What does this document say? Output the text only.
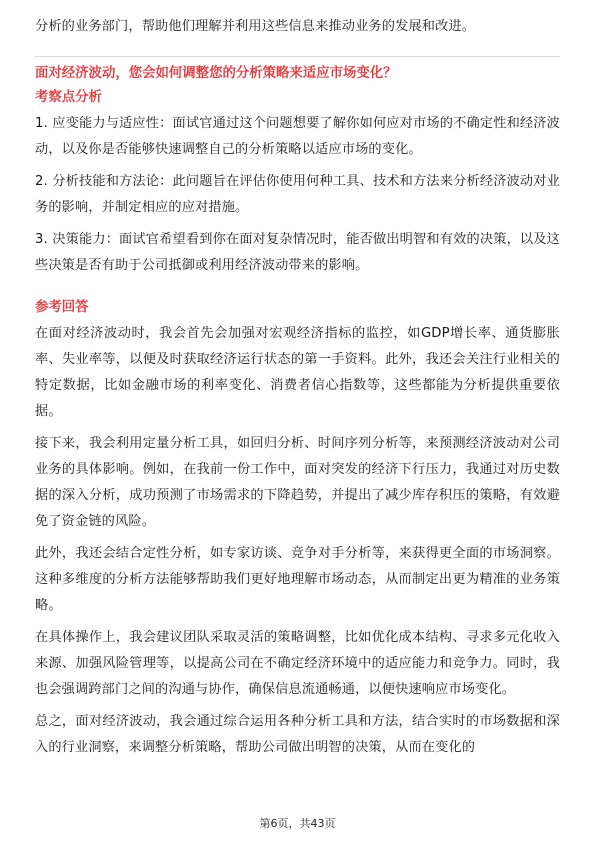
分析的业务部门，帮助他们理解并利用这些信息来推动业务的发展和改进。

面对经济波动，您会如何调整您的分析策略来适应市场变化？
考察点分析

1. 应变能力与适应性：面试官通过这个问题想要了解你如何应对市场的不确定性和经济波动，以及你是否能够快速调整自己的分析策略以适应市场的变化。

2. 分析技能和方法论：此问题旨在评估你使用何种工具、技术和方法来分析经济波动对业务的影响，并制定相应的应对措施。

3. 决策能力：面试官希望看到你在面对复杂情况时，能否做出明智和有效的决策，以及这些决策是否有助于公司抵御或利用经济波动带来的影响。

参考回答

在面对经济波动时，我会首先会加强对宏观经济指标的监控，如GDP增长率、通货膨胀率、失业率等，以便及时获取经济运行状态的第一手资料。此外，我还会关注行业相关的特定数据，比如金融市场的利率变化、消费者信心指数等，这些都能为分析提供重要依据。

接下来，我会利用定量分析工具，如回归分析、时间序列分析等，来预测经济波动对公司业务的具体影响。例如，在我前一份工作中，面对突发的经济下行压力，我通过对历史数据的深入分析，成功预测了市场需求的下降趋势，并提出了减少库存积压的策略，有效避免了资金链的风险。

此外，我还会结合定性分析，如专家访谈、竞争对手分析等，来获得更全面的市场洞察。这种多维度的分析方法能够帮助我们更好地理解市场动态，从而制定出更为精准的业务策略。

在具体操作上，我会建议团队采取灵活的策略调整，比如优化成本结构、寻求多元化收入来源、加强风险管理等，以提高公司在不确定经济环境中的适应能力和竞争力。同时，我也会强调跨部门之间的沟通与协作，确保信息流通畅通，以便快速响应市场变化。

总之，面对经济波动，我会通过综合运用各种分析工具和方法，结合实时的市场数据和深入的行业洞察，来调整分析策略，帮助公司做出明智的决策，从而在变化的

第6页，共43页
